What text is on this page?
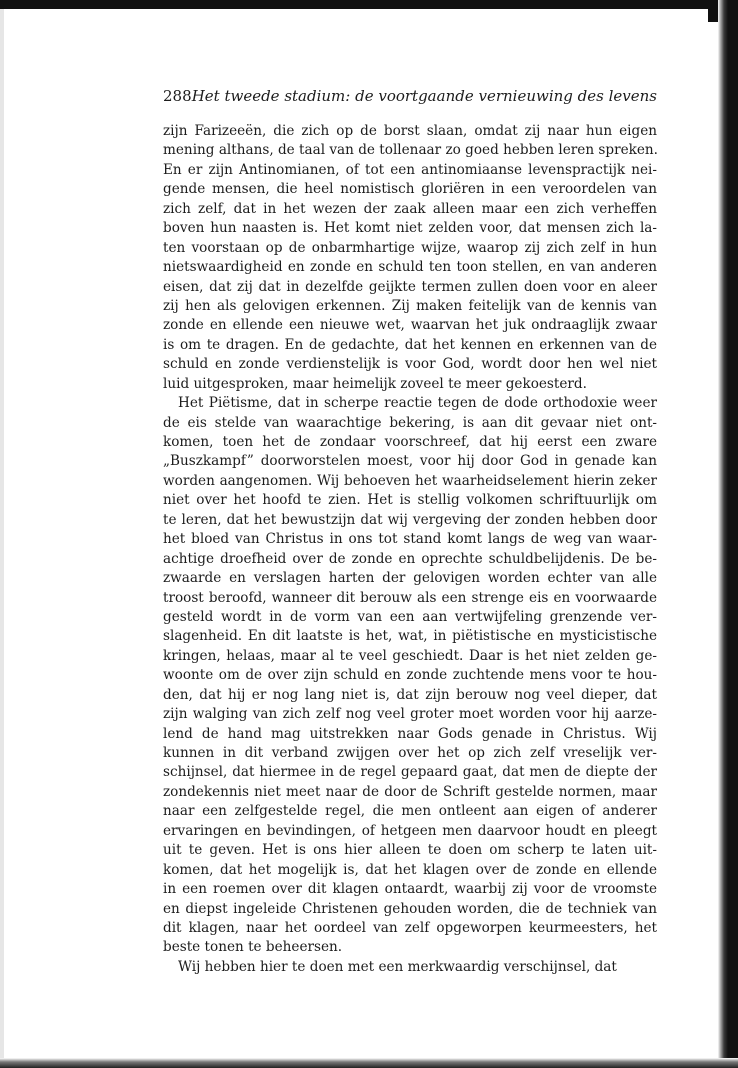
288 Het tweede stadium: de voortgaande vernieuwing des levens
zijn Farizeeën, die zich op de borst slaan, omdat zij naar hun eigen
mening althans, de taal van de tollenaar zo goed hebben leren spreken.
En er zijn Antinomianen, of tot een antinomiaanse levenspractijk nei-
gende mensen, die heel nomistisch gloriëren in een veroordelen van
zich zelf, dat in het wezen der zaak alleen maar een zich verheffen
boven hun naasten is. Het komt niet zelden voor, dat mensen zich la-
ten voorstaan op de onbarmhartige wijze, waarop zij zich zelf in hun
nietswaardigheid en zonde en schuld ten toon stellen, en van anderen
eisen, dat zij dat in dezelfde geijkte termen zullen doen voor en aleer
zij hen als gelovigen erkennen. Zij maken feitelijk van de kennis van
zonde en ellende een nieuwe wet, waarvan het juk ondraaglijk zwaar
is om te dragen. En de gedachte, dat het kennen en erkennen van de
schuld en zonde verdienstelijk is voor God, wordt door hen wel niet
luid uitgesproken, maar heimelijk zoveel te meer gekoesterd.
Het Piëtisme, dat in scherpe reactie tegen de dode orthodoxie weer
de eis stelde van waarachtige bekering, is aan dit gevaar niet ont-
komen, toen het de zondaar voorschreef, dat hij eerst een zware
„Buszkampf” doorworstelen moest, voor hij door God in genade kan
worden aangenomen. Wij behoeven het waarheidselement hierin zeker
niet over het hoofd te zien. Het is stellig volkomen schriftuurlijk om
te leren, dat het bewustzijn dat wij vergeving der zonden hebben door
het bloed van Christus in ons tot stand komt langs de weg van waar-
achtige droefheid over de zonde en oprechte schuldbelijdenis. De be-
zwaarde en verslagen harten der gelovigen worden echter van alle
troost beroofd, wanneer dit berouw als een strenge eis en voorwaarde
gesteld wordt in de vorm van een aan vertwijfeling grenzende ver-
slagenheid. En dit laatste is het, wat, in piëtistische en mysticistische
kringen, helaas, maar al te veel geschiedt. Daar is het niet zelden ge-
woonte om de over zijn schuld en zonde zuchtende mens voor te hou-
den, dat hij er nog lang niet is, dat zijn berouw nog veel dieper, dat
zijn walging van zich zelf nog veel groter moet worden voor hij aarze-
lend de hand mag uitstrekken naar Gods genade in Christus. Wij
kunnen in dit verband zwijgen over het op zich zelf vreselijk ver-
schijnsel, dat hiermee in de regel gepaard gaat, dat men de diepte der
zondekennis niet meet naar de door de Schrift gestelde normen, maar
naar een zelfgestelde regel, die men ontleent aan eigen of anderer
ervaringen en bevindingen, of hetgeen men daarvoor houdt en pleegt
uit te geven. Het is ons hier alleen te doen om scherp te laten uit-
komen, dat het mogelijk is, dat het klagen over de zonde en ellende
in een roemen over dit klagen ontaardt, waarbij zij voor de vroomste
en diepst ingeleide Christenen gehouden worden, die de techniek van
dit klagen, naar het oordeel van zelf opgeworpen keurmeesters, het
beste tonen te beheersen.
Wij hebben hier te doen met een merkwaardig verschijnsel, dat
